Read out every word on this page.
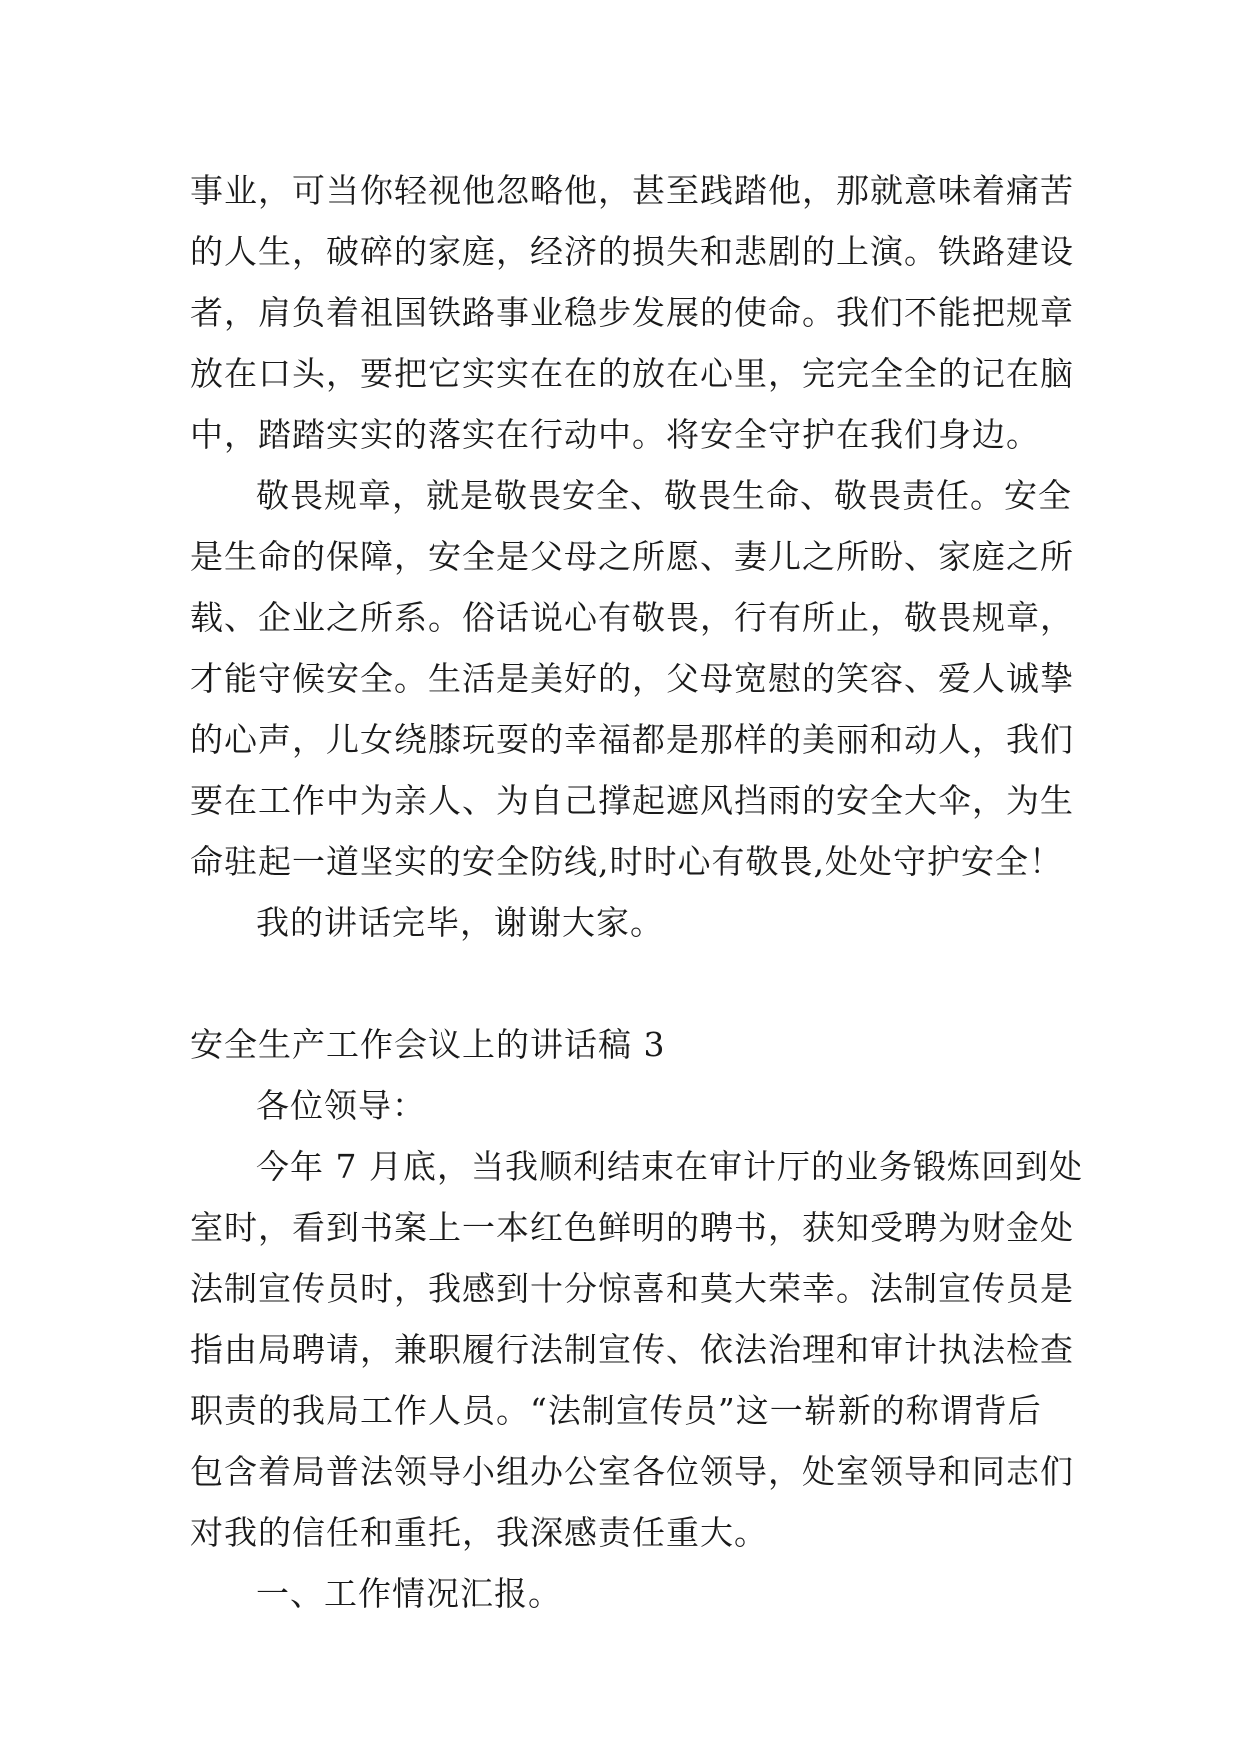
事业，可当你轻视他忽略他，甚至践踏他，那就意味着痛苦
的人生，破碎的家庭，经济的损失和悲剧的上演。铁路建设
者，肩负着祖国铁路事业稳步发展的使命。我们不能把规章
放在口头，要把它实实在在的放在心里，完完全全的记在脑
中，踏踏实实的落实在行动中。将安全守护在我们身边。
敬畏规章，就是敬畏安全、敬畏生命、敬畏责任。安全
是生命的保障，安全是父母之所愿、妻儿之所盼、家庭之所
载、企业之所系。俗话说心有敬畏，行有所止，敬畏规章，
才能守候安全。生活是美好的，父母宽慰的笑容、爱人诚挚
的心声，儿女绕膝玩耍的幸福都是那样的美丽和动人，我们
要在工作中为亲人、为自己撑起遮风挡雨的安全大伞，为生
命驻起一道坚实的安全防线,时时心有敬畏,处处守护安全！
我的讲话完毕，谢谢大家。
安全生产工作会议上的讲话稿 3
各位领导：
今年 7 月底，当我顺利结束在审计厅的业务锻炼回到处
室时，看到书案上一本红色鲜明的聘书，获知受聘为财金处
法制宣传员时，我感到十分惊喜和莫大荣幸。法制宣传员是
指由局聘请，兼职履行法制宣传、依法治理和审计执法检查
职责的我局工作人员。“法制宣传员”这一崭新的称谓背后
包含着局普法领导小组办公室各位领导，处室领导和同志们
对我的信任和重托，我深感责任重大。
一、工作情况汇报。
